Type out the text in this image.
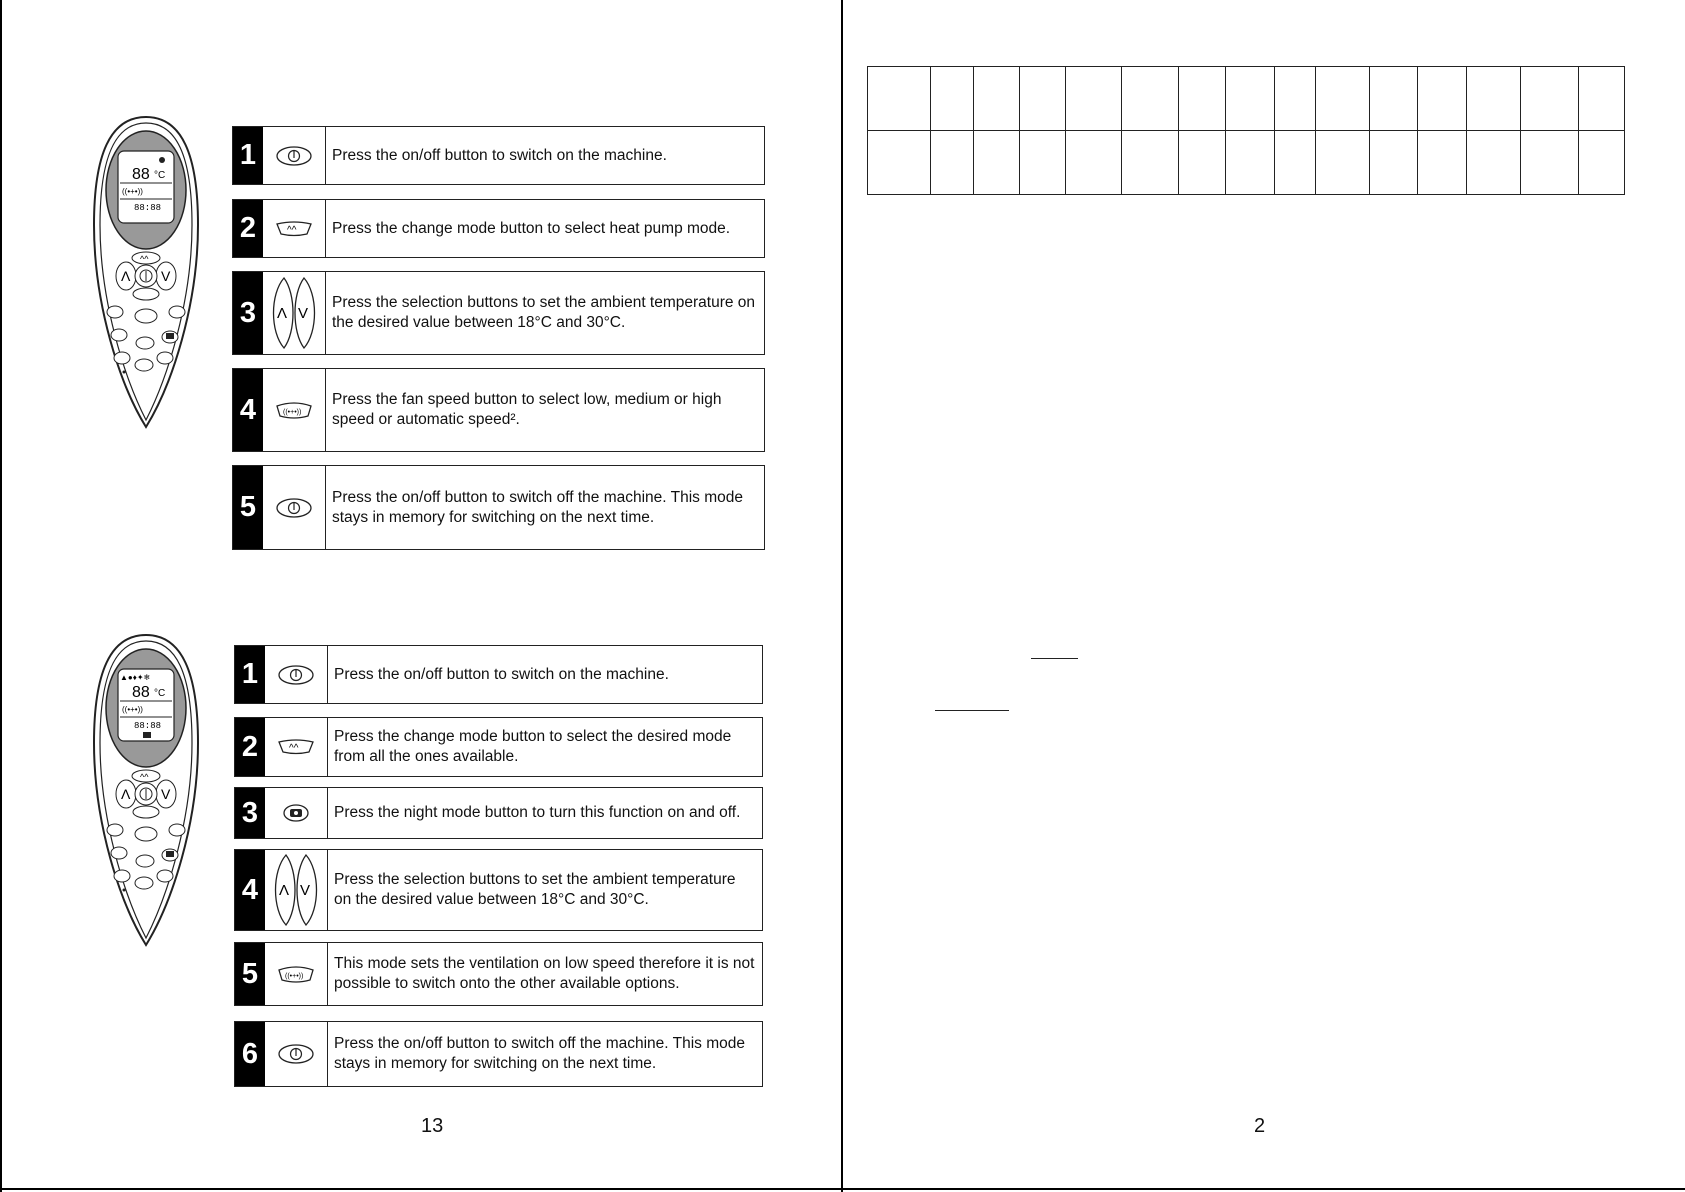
88 °C
((•+•))
88:88
^^
Λ V
1	Press the on/off button to switch on the machine.
2	^^ Press the change mode button to select heat pump mode.
3	Λ V
Press the selection buttons to set the ambient temperature on the desired value between 18°C and 30°C.
4	((•+•))
Press the fan speed button to select low, medium or high speed or automatic speed².
5	Press the on/off button to switch off the machine. This mode stays in memory for switching on the next time.
▲●♦✦❄
88 °C
((•+•))
88:88
^^
Λ V
1	Press the on/off button to switch on the machine.
2	^^
Press the change mode button to select the desired mode from all the ones available.
3	Press the night mode button to turn this function on and off.
4	Λ V
Press the selection buttons to set the ambient temperature on the desired value between 18°C and 30°C.
5	((•+•))
This mode sets the ventilation on low speed therefore it is not possible to switch onto the other available options.
6	Press the on/off button to switch off the machine. This mode stays in memory for switching on the next time.
13

															2
